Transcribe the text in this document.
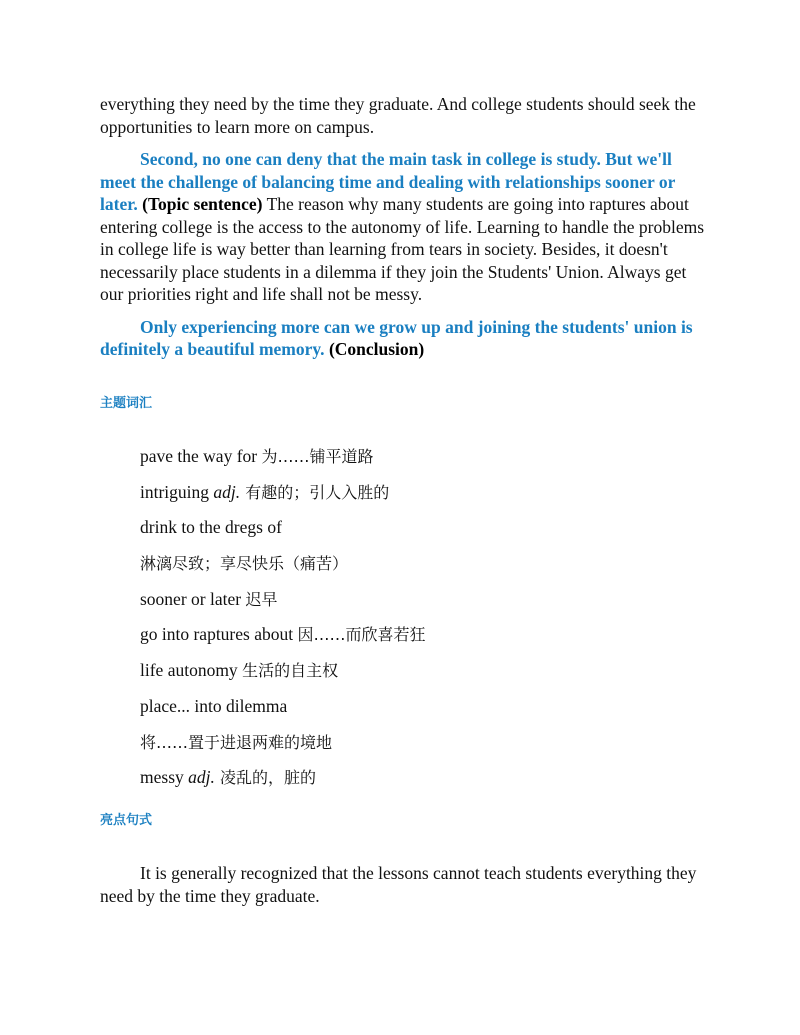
everything they need by the time they graduate. And college students should seek the opportunities to learn more on campus.

Second, no one can deny that the main task in college is study. But we'll meet the challenge of balancing time and dealing with relationships sooner or later. (Topic sentence) The reason why many students are going into raptures about entering college is the access to the autonomy of life. Learning to handle the problems in college life is way better than learning from tears in society. Besides, it doesn't necessarily place students in a dilemma if they join the Students' Union. Always get our priorities right and life shall not be messy.

Only experiencing more can we grow up and joining the students' union is definitely a beautiful memory. (Conclusion)

主题词汇

pave the way for 为……铺平道路
intriguing adj. 有趣的；引人入胜的
drink to the dregs of
淋漓尽致；享尽快乐（痛苦）
sooner or later 迟早
go into raptures about 因……而欣喜若狂
life autonomy 生活的自主权
place... into dilemma
将……置于进退两难的境地
messy adj. 凌乱的，脏的

亮点句式

It is generally recognized that the lessons cannot teach students everything they need by the time they graduate.
